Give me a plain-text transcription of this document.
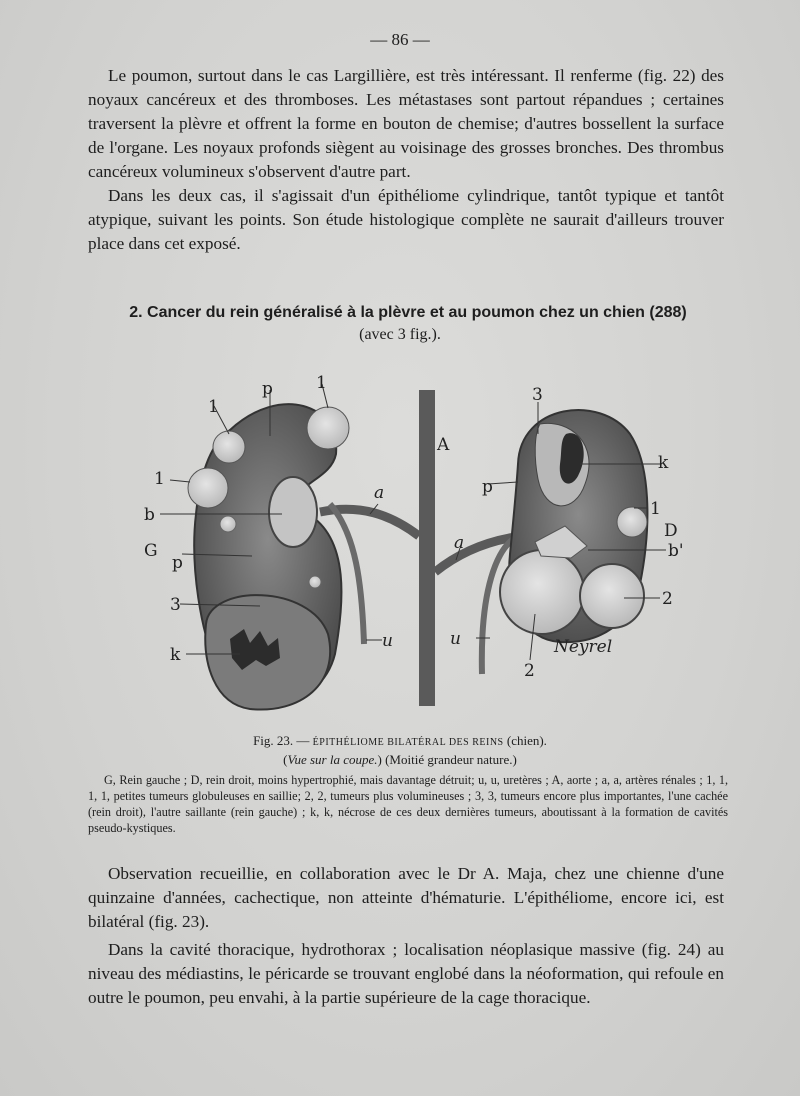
— 86 —

Le poumon, surtout dans le cas Largillière, est très intéressant. Il renferme (fig. 22) des noyaux cancéreux et des thromboses. Les métastases sont partout répandues ; certaines traversent la plèvre et offrent la forme en bouton de chemise; d'autres bossellent la surface de l'organe. Les noyaux profonds siègent au voisinage des grosses bronches. Des thrombus cancéreux volumineux s'observent d'autre part.

Dans les deux cas, il s'agissait d'un épithéliome cylindrique, tantôt typique et tantôt atypique, suivant les points. Son étude histologique complète ne saurait d'ailleurs trouver place dans cet exposé.

2. Cancer du rein généralisé à la plèvre et au poumon chez un chien (288)
(avec 3 fig.).
1
p	1
1
b
G
p
3
k
a
u
A
p
a
u
3
k
1
D
b'
2
2
Neyrel
Fig. 23. — ÉPITHÉLIOME BILATÉRAL DES REINS (chien).
(Vue sur la coupe.) (Moitié grandeur nature.)

G, Rein gauche ; D, rein droit, moins hypertrophié, mais davantage détruit; u, u, uretères ; A, aorte ; a, a, artères rénales ; 1, 1, 1, 1, petites tumeurs globuleuses en saillie; 2, 2, tumeurs plus volumineuses ; 3, 3, tumeurs encore plus importantes, l'une cachée (rein droit), l'autre saillante (rein gauche) ; k, k, nécrose de ces deux dernières tumeurs, aboutissant à la formation de cavités pseudo-kystiques.

Observation recueillie, en collaboration avec le Dr A. Maja, chez une chienne d'une quinzaine d'années, cachectique, non atteinte d'hématurie. L'épithéliome, encore ici, est bilatéral (fig. 23).

Dans la cavité thoracique, hydrothorax ; localisation néoplasique massive (fig. 24) au niveau des médiastins, le péricarde se trouvant englobé dans la néoformation, qui refoule en outre le poumon, peu envahi, à la partie supérieure de la cage thoracique.
